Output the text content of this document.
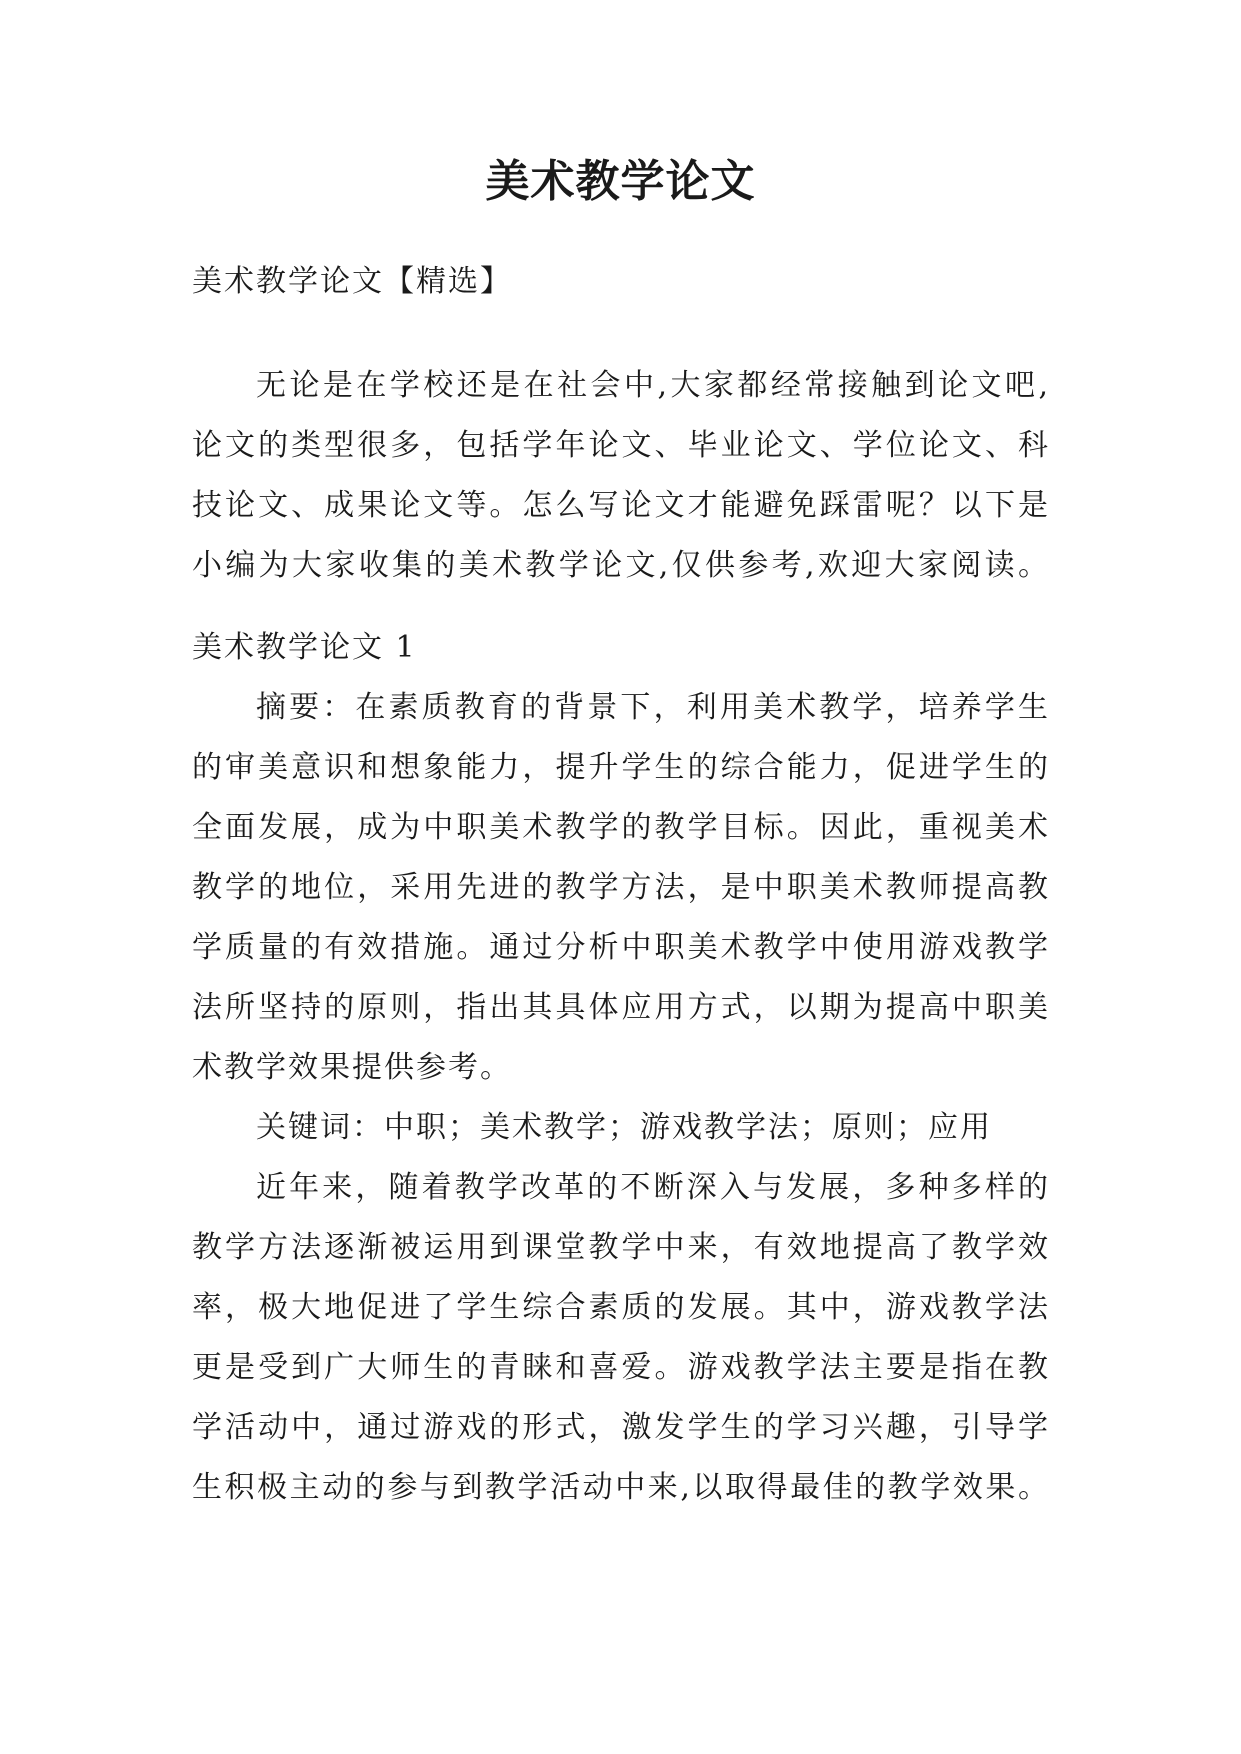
美术教学论文
美术教学论文【精选】
无论是在学校还是在社会中,大家都经常接触到论文吧,
论文的类型很多，包括学年论文、毕业论文、学位论文、科
技论文、成果论文等。怎么写论文才能避免踩雷呢？以下是
小编为大家收集的美术教学论文,仅供参考,欢迎大家阅读。
美术教学论文 1
摘要：在素质教育的背景下，利用美术教学，培养学生
的审美意识和想象能力，提升学生的综合能力，促进学生的
全面发展，成为中职美术教学的教学目标。因此，重视美术
教学的地位，采用先进的教学方法，是中职美术教师提高教
学质量的有效措施。通过分析中职美术教学中使用游戏教学
法所坚持的原则，指出其具体应用方式，以期为提高中职美
术教学效果提供参考。
关键词：中职；美术教学；游戏教学法；原则；应用
近年来，随着教学改革的不断深入与发展，多种多样的
教学方法逐渐被运用到课堂教学中来，有效地提高了教学效
率，极大地促进了学生综合素质的发展。其中，游戏教学法
更是受到广大师生的青睐和喜爱。游戏教学法主要是指在教
学活动中，通过游戏的形式，激发学生的学习兴趣，引导学
生积极主动的参与到教学活动中来,以取得最佳的教学效果。
